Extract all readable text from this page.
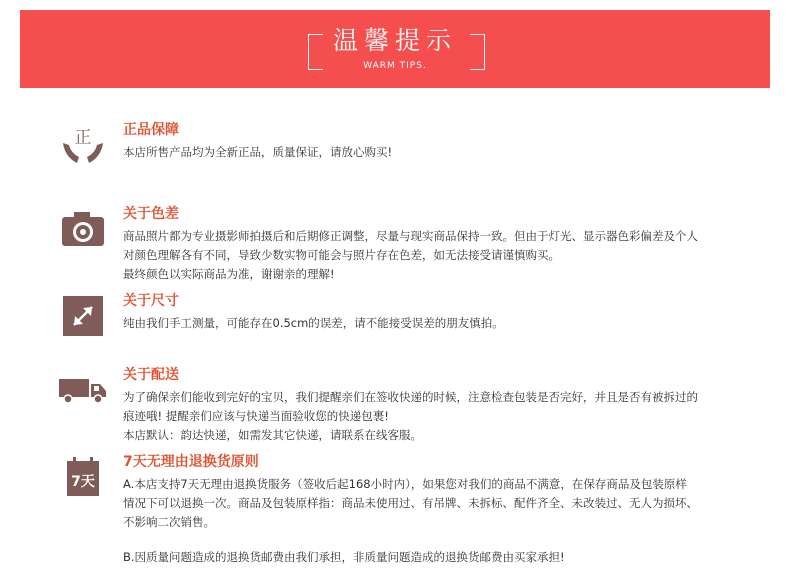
温馨提示
WARM TIPS.
正 正品保障

本店所售产品均为全新正品，质量保证，请放心购买!

关于色差

商品照片都为专业摄影师拍摄后和后期修正调整，尽量与现实商品保持一致。但由于灯光、显示器色彩偏差及个人

对颜色理解各有不同，导致少数实物可能会与照片存在色差，如无法接受请谨慎购买。

最终颜色以实际商品为准，谢谢亲的理解!

关于尺寸

纯由我们手工测量，可能存在0.5cm的误差，请不能接受误差的朋友慎拍。

关于配送

为了确保亲们能收到完好的宝贝，我们提醒亲们在签收快递的时候，注意检查包装是否完好，并且是否有被拆过的

痕迹哦! 提醒亲们应该与快递当面验收您的快递包裹!

本店默认：韵达快递，如需发其它快递，请联系在线客服。

7天
7天无理由退换货原则

A.本店支持7天无理由退换货服务（签收后起168小时内），如果您对我们的商品不满意，在保存商品及包装原样

情况下可以退换一次。商品及包装原样指：商品未使用过、有吊牌、未拆标、配件齐全、未改装过、无人为损坏、

不影响二次销售。

B.因质量问题造成的退换货邮费由我们承担，非质量问题造成的退换货邮费由买家承担!
